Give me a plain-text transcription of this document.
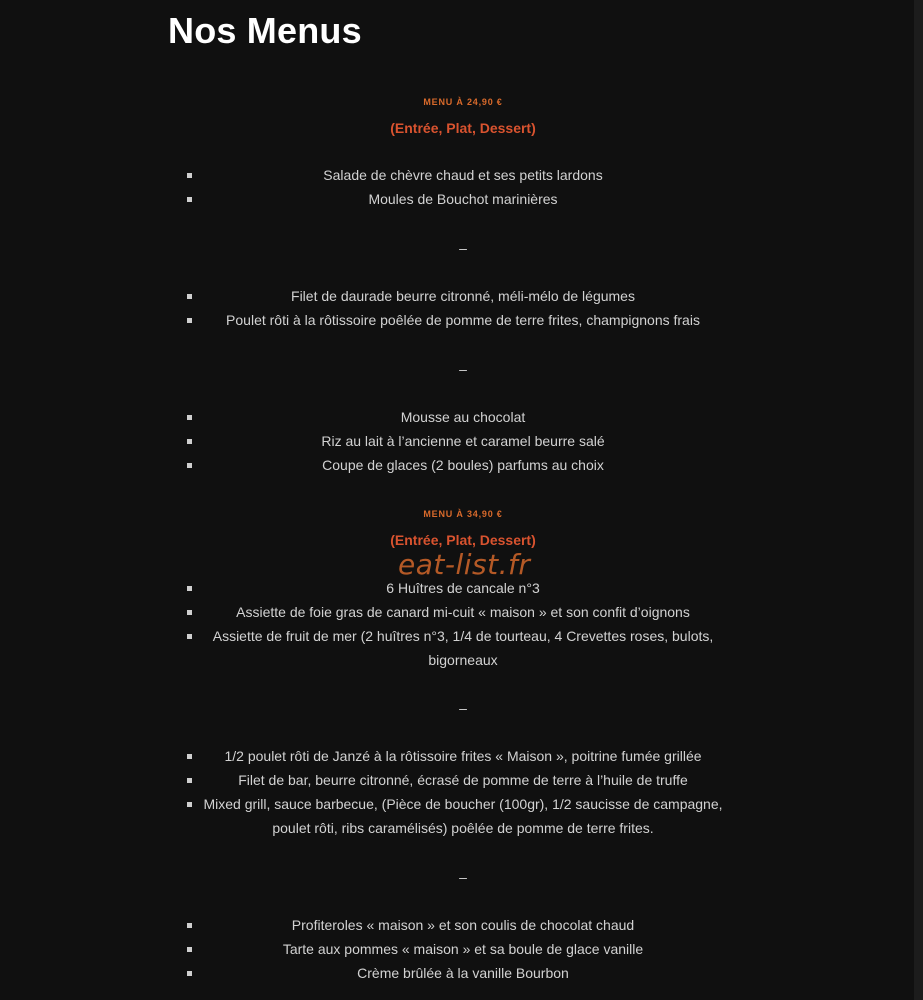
Nos Menus
MENU À 24,90 €
(Entrée, Plat, Dessert)
Salade de chèvre chaud et ses petits lardons
Moules de Bouchot marinières
–
Filet de daurade beurre citronné, méli-mélo de légumes
Poulet rôti à la rôtissoire poêlée de pomme de terre frites, champignons frais
–
Mousse au chocolat
Riz au lait à l’ancienne et caramel beurre salé
Coupe de glaces (2 boules) parfums au choix
MENU À 34,90 €
(Entrée, Plat, Dessert)
6 Huîtres de cancale n°3
Assiette de foie gras de canard mi-cuit « maison » et son confit d’oignons
Assiette de fruit de mer (2 huîtres n°3, 1/4 de tourteau, 4 Crevettes roses, bulots, bigorneaux
–
1/2 poulet rôti de Janzé à la rôtissoire frites « Maison », poitrine fumée grillée
Filet de bar, beurre citronné, écrasé de pomme de terre à l’huile de truffe
Mixed grill, sauce barbecue, (Pièce de boucher (100gr), 1/2 saucisse de campagne, poulet rôti, ribs caramélisés) poêlée de pomme de terre frites.
–
Profiteroles « maison » et son coulis de chocolat chaud
Tarte aux pommes « maison » et sa boule de glace vanille
Crème brûlée à la vanille Bourbon
eat-list.fr
